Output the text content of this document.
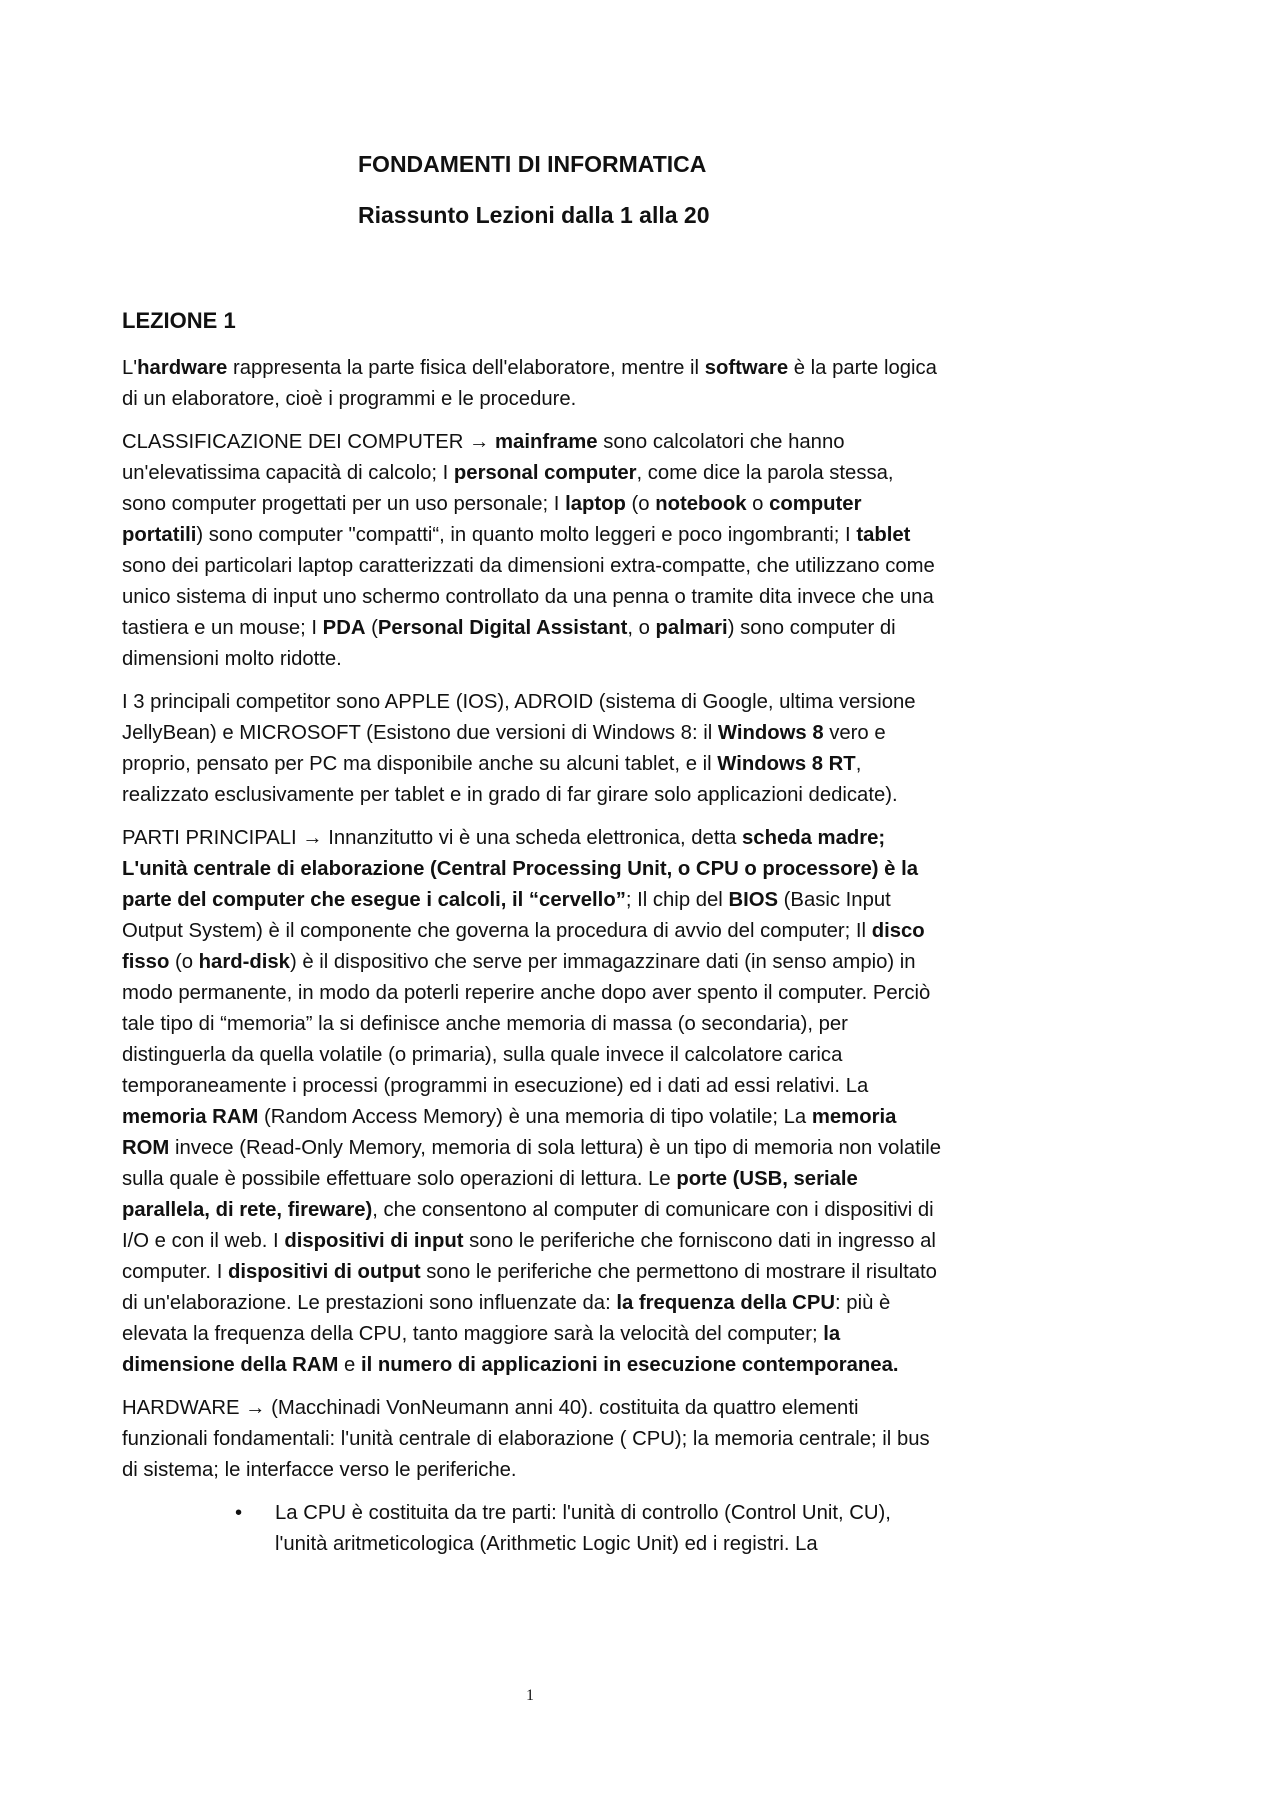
FONDAMENTI DI INFORMATICA
Riassunto Lezioni dalla 1 alla 20
LEZIONE 1

L'hardware rappresenta la parte fisica dell'elaboratore, mentre il software è la parte logica di un elaboratore, cioè i programmi e le procedure.

CLASSIFICAZIONE DEI COMPUTER → mainframe sono calcolatori che hanno un'elevatissima capacità di calcolo; I personal computer, come dice la parola stessa, sono computer progettati per un uso personale; I laptop (o notebook o computer portatili) sono computer "compatti“, in quanto molto leggeri e poco ingombranti; I tablet sono dei particolari laptop caratterizzati da dimensioni extra-compatte, che utilizzano come unico sistema di input uno schermo controllato da una penna o tramite dita invece che una tastiera e un mouse; I PDA (Personal Digital Assistant, o palmari) sono computer di dimensioni molto ridotte.

I 3 principali competitor sono APPLE (IOS), ADROID (sistema di Google, ultima versione JellyBean) e MICROSOFT (Esistono due versioni di Windows 8: il Windows 8 vero e proprio, pensato per PC ma disponibile anche su alcuni tablet, e il Windows 8 RT, realizzato esclusivamente per tablet e in grado di far girare solo applicazioni dedicate).

PARTI PRINCIPALI → Innanzitutto vi è una scheda elettronica, detta scheda madre; L'unità centrale di elaborazione (Central Processing Unit, o CPU o processore) è la parte del computer che esegue i calcoli, il “cervello”; Il chip del BIOS (Basic Input Output System) è il componente che governa la procedura di avvio del computer; Il disco fisso (o hard-disk) è il dispositivo che serve per immagazzinare dati (in senso ampio) in modo permanente, in modo da poterli reperire anche dopo aver spento il computer. Perciò tale tipo di “memoria” la si definisce anche memoria di massa (o secondaria), per distinguerla da quella volatile (o primaria), sulla quale invece il calcolatore carica temporaneamente i processi (programmi in esecuzione) ed i dati ad essi relativi. La memoria RAM (Random Access Memory) è una memoria di tipo volatile; La memoria ROM invece (Read-Only Memory, memoria di sola lettura) è un tipo di memoria non volatile sulla quale è possibile effettuare solo operazioni di lettura. Le porte (USB, seriale parallela, di rete, fireware), che consentono al computer di comunicare con i dispositivi di I/O e con il web. I dispositivi di input sono le periferiche che forniscono dati in ingresso al computer. I dispositivi di output sono le periferiche che permettono di mostrare il risultato di un'elaborazione. Le prestazioni sono influenzate da: la frequenza della CPU: più è elevata la frequenza della CPU, tanto maggiore sarà la velocità del computer; la dimensione della RAM e il numero di applicazioni in esecuzione contemporanea.

HARDWARE → (Macchinadi VonNeumann anni 40). costituita da quattro elementi funzionali fondamentali: l'unità centrale di elaborazione ( CPU); la memoria centrale; il bus di sistema; le interfacce verso le periferiche.

• La CPU è costituita da tre parti: l'unità di controllo (Control Unit, CU), l'unità aritmeticologica (Arithmetic Logic Unit) ed i registri. La
1
